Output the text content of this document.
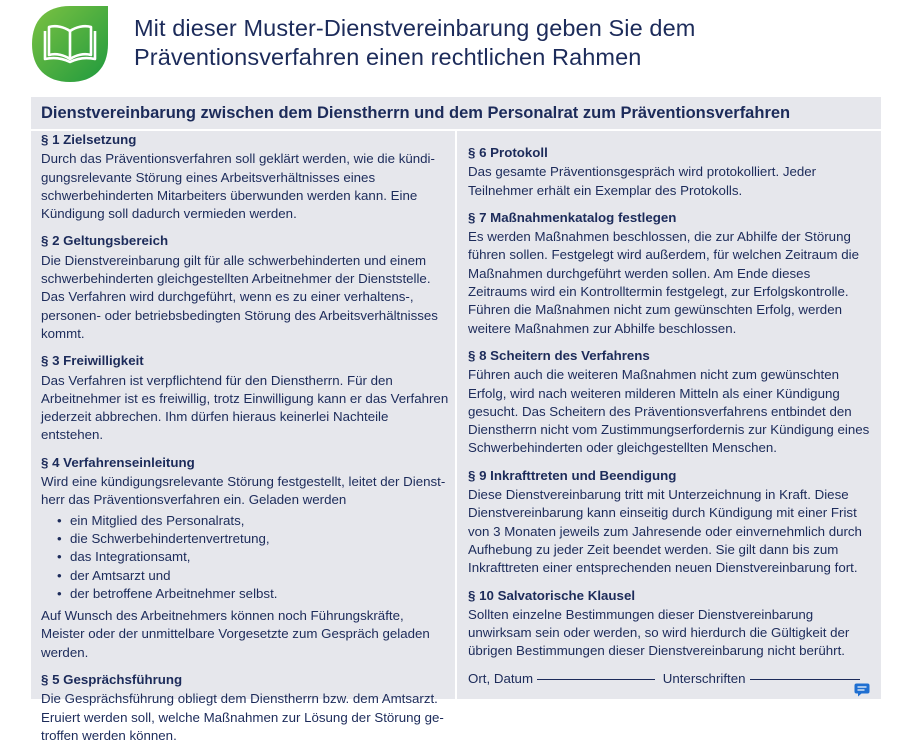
Mit dieser Muster-Dienstvereinbarung geben Sie dem
Präventionsverfahren einen rechtlichen Rahmen
Dienstvereinbarung zwischen dem Dienstherrn und dem Personalrat zum Präventionsverfahren
§ 1 Zielsetzung

Durch das Präventionsverfahren soll geklärt werden, wie die kündigungsrelevante Störung eines Arbeitsverhältnisses eines schwerbehinderten Mitarbeiters überwunden werden kann. Eine Kündigung soll dadurch vermieden werden.

§ 2 Geltungsbereich

Die Dienstvereinbarung gilt für alle schwerbehinderten und einem schwerbehinderten gleichgestellten Arbeitnehmer der Dienststelle. Das Verfahren wird durchgeführt, wenn es zu einer verhaltens-, personen- oder betriebsbedingten Störung des Arbeitsverhältnisses kommt.

§ 3 Freiwilligkeit

Das Verfahren ist verpflichtend für den Dienstherrn. Für den Arbeitnehmer ist es freiwillig, trotz Einwilligung kann er das Verfahren jederzeit abbrechen. Ihm dürfen hieraus keinerlei Nachteile entstehen.

§ 4 Verfahrenseinleitung

Wird eine kündigungsrelevante Störung festgestellt, leitet der Dienstherr das Präventionsverfahren ein. Geladen werden

• ein Mitglied des Personalrats,
• die Schwerbehindertenvertretung,
• das Integrationsamt,
• der Amtsarzt und
• der betroffene Arbeitnehmer selbst.

Auf Wunsch des Arbeitnehmers können noch Führungskräfte, Meister oder der unmittelbare Vorgesetzte zum Gespräch geladen werden.

§ 5 Gesprächsführung

Die Gesprächsführung obliegt dem Dienstherrn bzw. dem Amtsarzt. Eruiert werden soll, welche Maßnahmen zur Lösung der Störung getroffen werden können.

§ 6 Protokoll

Das gesamte Präventionsgespräch wird protokolliert. Jeder Teilnehmer erhält ein Exemplar des Protokolls.

§ 7 Maßnahmenkatalog festlegen

Es werden Maßnahmen beschlossen, die zur Abhilfe der Störung führen sollen. Festgelegt wird außerdem, für welchen Zeitraum die Maßnahmen durchgeführt werden sollen. Am Ende dieses Zeitraums wird ein Kontrolltermin festgelegt, zur Erfolgskontrolle. Führen die Maßnahmen nicht zum gewünschten Erfolg, werden weitere Maßnahmen zur Abhilfe beschlossen.

§ 8 Scheitern des Verfahrens

Führen auch die weiteren Maßnahmen nicht zum gewünschten Erfolg, wird nach weiteren milderen Mitteln als einer Kündigung gesucht. Das Scheitern des Präventionsverfahrens entbindet den Dienstherrn nicht vom Zustimmungserfordernis zur Kündigung eines Schwerbehinderten oder gleichgestellten Menschen.

§ 9 Inkrafttreten und Beendigung

Diese Dienstvereinbarung tritt mit Unterzeichnung in Kraft. Diese Dienstvereinbarung kann einseitig durch Kündigung mit einer Frist von 3 Monaten jeweils zum Jahresende oder einvernehmlich durch Aufhebung zu jeder Zeit beendet werden. Sie gilt dann bis zum Inkrafttreten einer entsprechenden neuen Dienstvereinbarung fort.

§ 10 Salvatorische Klausel

Sollten einzelne Bestimmungen dieser Dienstvereinbarung unwirksam sein oder werden, so wird hierdurch die Gültigkeit der übrigen Bestimmungen dieser Dienstvereinbarung nicht berührt.

Ort, Datum	Unterschriften
